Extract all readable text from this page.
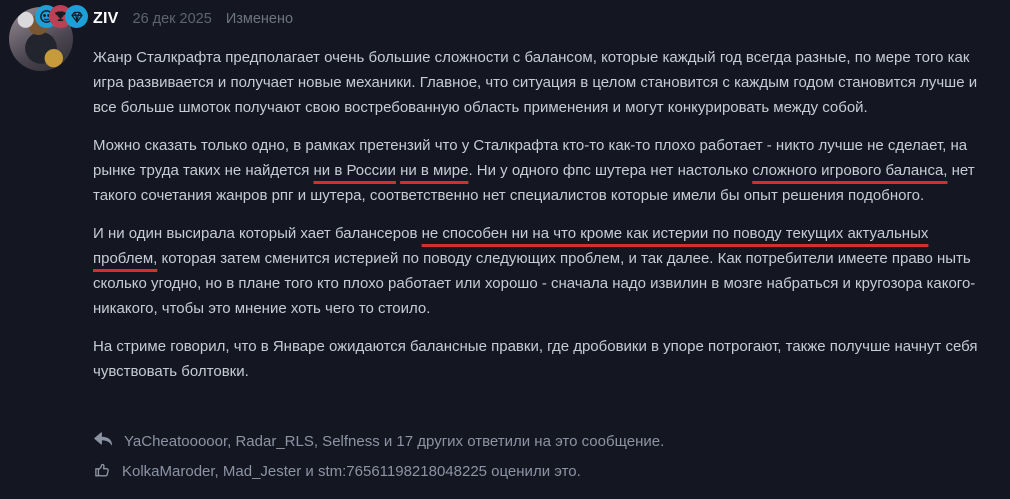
ZIV 26 дек 2025 Изменено

Жанр Сталкрафта предполагает очень большие сложности с балансом, которые каждый год всегда разные, по мере того как игра развивается и получает новые механики. Главное, что ситуация в целом становится с каждым годом становится лучше и все больше шмоток получают свою востребованную область применения и могут конкурировать между собой.

Можно сказать только одно, в рамках претензий что у Сталкрафта кто-то как-то плохо работает - никто лучше не сделает, на рынке труда таких не найдется ни в России ни в мире. Ни у одного фпс шутера нет настолько сложного игрового баланса, нет такого сочетания жанров рпг и шутера, соответственно нет специалистов которые имели бы опыт решения подобного.

И ни один высирала который хает балансеров не способен ни на что кроме как истерии по поводу текущих актуальных проблем, которая затем сменится истерией по поводу следующих проблем, и так далее. Как потребители имеете право ныть сколько угодно, но в плане того кто плохо работает или хорошо - сначала надо извилин в мозге набраться и кругозора какого-никакого, чтобы это мнение хоть чего то стоило.

На стриме говорил, что в Январе ожидаются балансные правки, где дробовики в упоре потрогают, также получше начнут себя чувствовать болтовки.

YaCheatooooor, Radar_RLS, Selfness и 17 других ответили на это сообщение.
KolkaMaroder, Mad_Jester и stm:76561198218048225 оценили это.
